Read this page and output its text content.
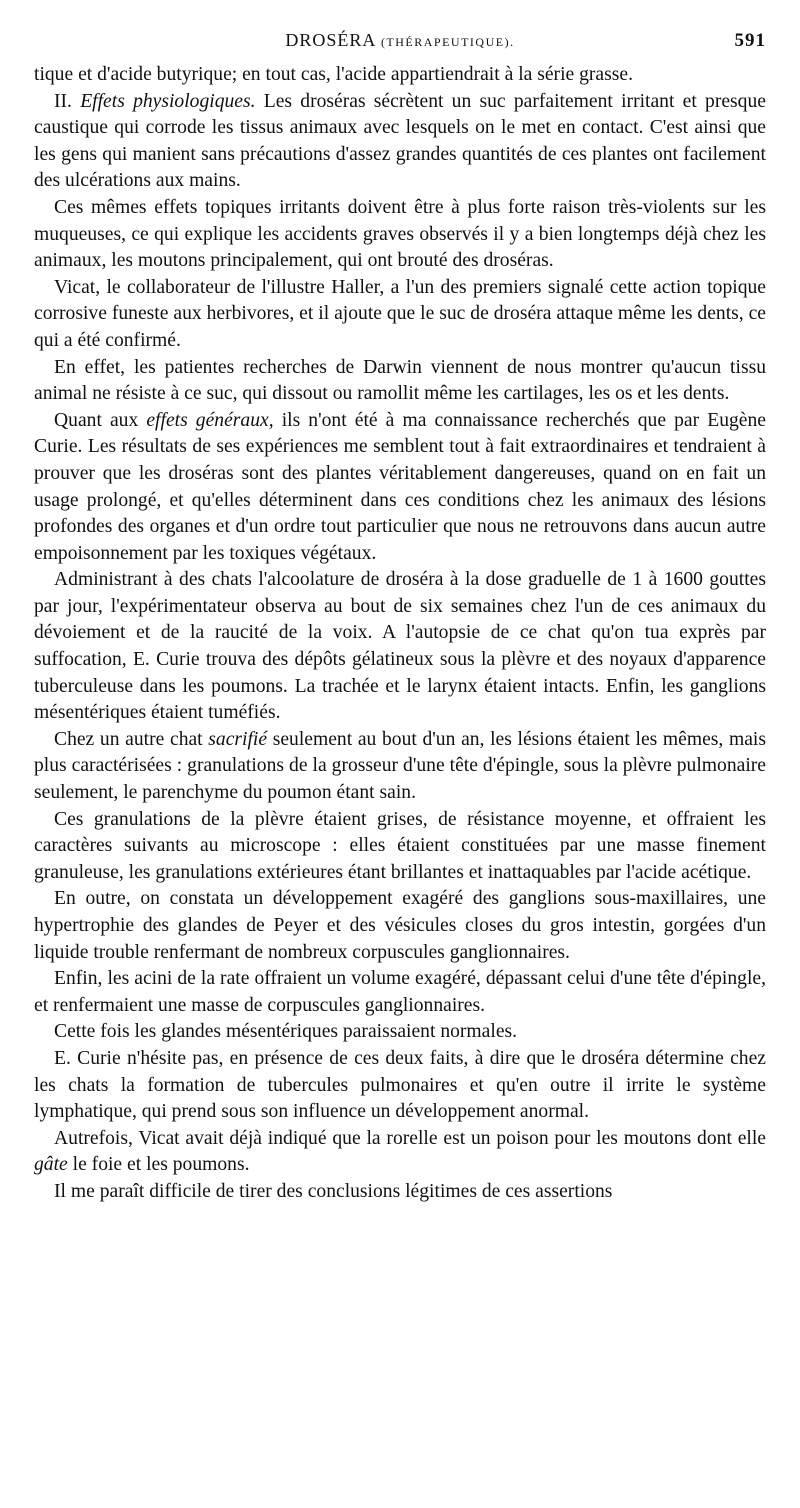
DROSÉRA (THÉRAPEUTIQUE).	591

tique et d'acide butyrique; en tout cas, l'acide appartiendrait à la série grasse.

II. Effets physiologiques. Les droséras sécrètent un suc parfaitement irritant et presque caustique qui corrode les tissus animaux avec lesquels on le met en contact. C'est ainsi que les gens qui manient sans précautions d'assez grandes quantités de ces plantes ont facilement des ulcérations aux mains.

Ces mêmes effets topiques irritants doivent être à plus forte raison très-violents sur les muqueuses, ce qui explique les accidents graves observés il y a bien longtemps déjà chez les animaux, les moutons principalement, qui ont brouté des droséras.

Vicat, le collaborateur de l'illustre Haller, a l'un des premiers signalé cette action topique corrosive funeste aux herbivores, et il ajoute que le suc de droséra attaque même les dents, ce qui a été confirmé.

En effet, les patientes recherches de Darwin viennent de nous montrer qu'aucun tissu animal ne résiste à ce suc, qui dissout ou ramollit même les cartilages, les os et les dents.

Quant aux effets généraux, ils n'ont été à ma connaissance recherchés que par Eugène Curie. Les résultats de ses expériences me semblent tout à fait extraordinaires et tendraient à prouver que les droséras sont des plantes véritablement dangereuses, quand on en fait un usage prolongé, et qu'elles déterminent dans ces conditions chez les animaux des lésions profondes des organes et d'un ordre tout particulier que nous ne retrouvons dans aucun autre empoisonnement par les toxiques végétaux.

Administrant à des chats l'alcoolature de droséra à la dose graduelle de 1 à 1600 gouttes par jour, l'expérimentateur observa au bout de six semaines chez l'un de ces animaux du dévoiement et de la raucité de la voix. A l'autopsie de ce chat qu'on tua exprès par suffocation, E. Curie trouva des dépôts gélatineux sous la plèvre et des noyaux d'apparence tuberculeuse dans les poumons. La trachée et le larynx étaient intacts. Enfin, les ganglions mésentériques étaient tuméfiés.

Chez un autre chat sacrifié seulement au bout d'un an, les lésions étaient les mêmes, mais plus caractérisées : granulations de la grosseur d'une tête d'épingle, sous la plèvre pulmonaire seulement, le parenchyme du poumon étant sain.

Ces granulations de la plèvre étaient grises, de résistance moyenne, et offraient les caractères suivants au microscope : elles étaient constituées par une masse finement granuleuse, les granulations extérieures étant brillantes et inattaquables par l'acide acétique.

En outre, on constata un développement exagéré des ganglions sous-maxillaires, une hypertrophie des glandes de Peyer et des vésicules closes du gros intestin, gorgées d'un liquide trouble renfermant de nombreux corpuscules ganglionnaires.

Enfin, les acini de la rate offraient un volume exagéré, dépassant celui d'une tête d'épingle, et renfermaient une masse de corpuscules ganglionnaires.

Cette fois les glandes mésentériques paraissaient normales.

E. Curie n'hésite pas, en présence de ces deux faits, à dire que le droséra détermine chez les chats la formation de tubercules pulmonaires et qu'en outre il irrite le système lymphatique, qui prend sous son influence un développement anormal.

Autrefois, Vicat avait déjà indiqué que la rorelle est un poison pour les moutons dont elle gâte le foie et les poumons.

Il me paraît difficile de tirer des conclusions légitimes de ces assertions
